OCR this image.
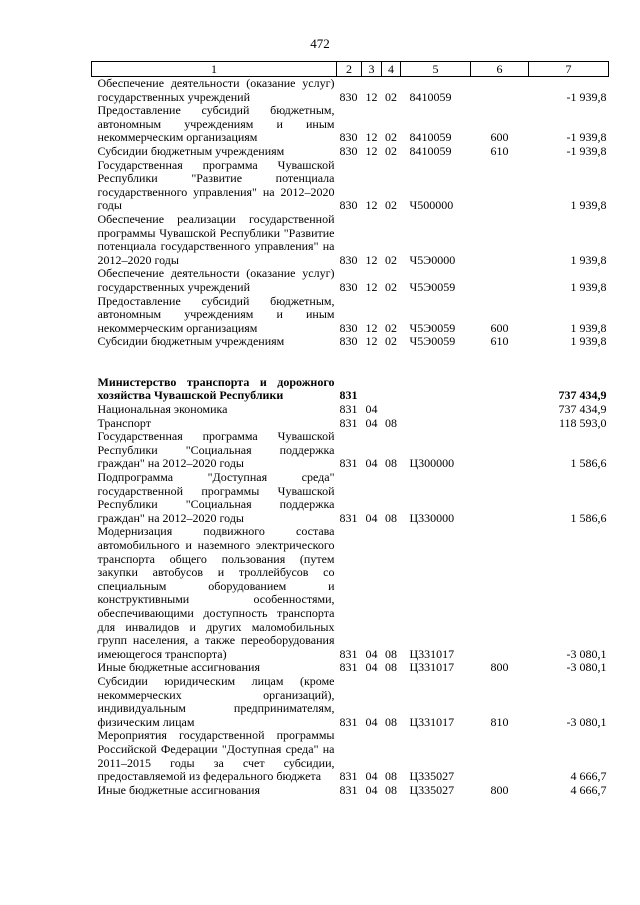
472
1	2	3	4	5	6	7
Обеспечение деятельности (оказание услуг) государственных учреждений	830	12	02	8410059		-1 939,8
Предоставление субсидий бюджетным, автономным учреждениям и иным некоммерческим организациям	830	12	02	8410059	600	-1 939,8
Субсидии бюджетным учреждениям	830	12	02	8410059	610	-1 939,8
Государственная программа Чувашской Республики "Развитие потенциала государственного управления" на 2012–2020 годы	830	12	02	Ч500000		1 939,8
Обеспечение реализации государственной программы Чувашской Республики "Развитие потенциала государственного управления" на 2012–2020 годы	830	12	02	Ч5Э0000		1 939,8
Обеспечение деятельности (оказание услуг) государственных учреждений	830	12	02	Ч5Э0059		1 939,8
Предоставление субсидий бюджетным, автономным учреждениям и иным некоммерческим организациям	830	12	02	Ч5Э0059	600	1 939,8
Субсидии бюджетным учреждениям	830	12	02	Ч5Э0059	610	1 939,8

Министерство транспорта и дорожного хозяйства Чувашской Республики	831					737 434,9
Национальная экономика	831	04				737 434,9
Транспорт	831	04	08			118 593,0
Государственная программа Чувашской Республики "Социальная поддержка граждан" на 2012–2020 годы	831	04	08	Ц300000		1 586,6
Подпрограмма "Доступная среда" государственной программы Чувашской Республики "Социальная поддержка граждан" на 2012–2020 годы	831	04	08	Ц330000		1 586,6
Модернизация подвижного состава автомобильного и наземного электрического транспорта общего пользования (путем закупки автобусов и троллейбусов со специальным оборудованием и конструктивными особенностями, обеспечивающими доступность транспорта для инвалидов и других маломобильных групп населения, а также переоборудования имеющегося транспорта)	831	04	08	Ц331017		-3 080,1
Иные бюджетные ассигнования	831	04	08	Ц331017	800	-3 080,1
Субсидии юридическим лицам (кроме некоммерческих организаций), индивидуальным предпринимателям, физическим лицам	831	04	08	Ц331017	810	-3 080,1
Мероприятия государственной программы Российской Федерации "Доступная среда" на 2011–2015 годы за счет субсидии, предоставляемой из федерального бюджета	831	04	08	Ц335027		4 666,7
Иные бюджетные ассигнования	831	04	08	Ц335027	800	4 666,7
